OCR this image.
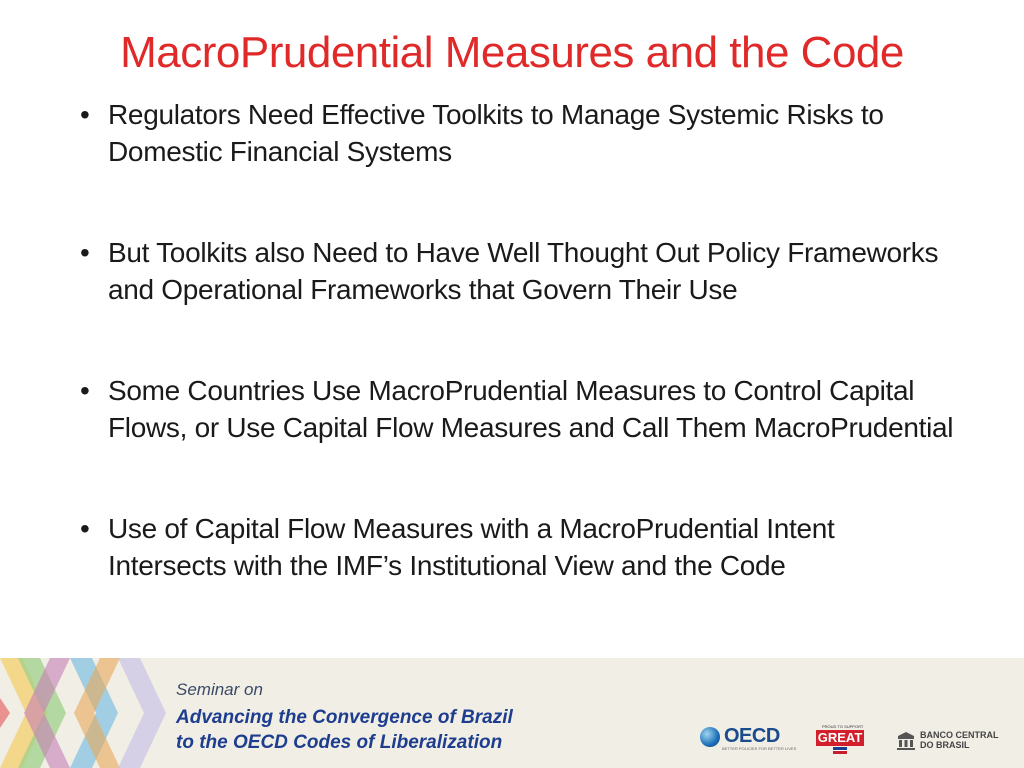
MacroPrudential Measures and the Code
• Regulators Need Effective Toolkits to Manage Systemic Risks to Domestic Financial Systems
• But Toolkits also Need to Have Well Thought Out Policy Frameworks and Operational Frameworks that Govern Their Use
• Some Countries Use MacroPrudential Measures to Control Capital Flows, or Use Capital Flow Measures and Call Them MacroPrudential
• Use of Capital Flow Measures with a MacroPrudential Intent Intersects with the IMF’s Institutional View and the Code
Seminar on
Advancing the Convergence of Brazil
to the OECD Codes of Liberalization	OECD
BETTER POLICIES FOR BETTER LIVES
PROUD TO SUPPORT
GREAT	BANCO CENTRAL
DO BRASIL
